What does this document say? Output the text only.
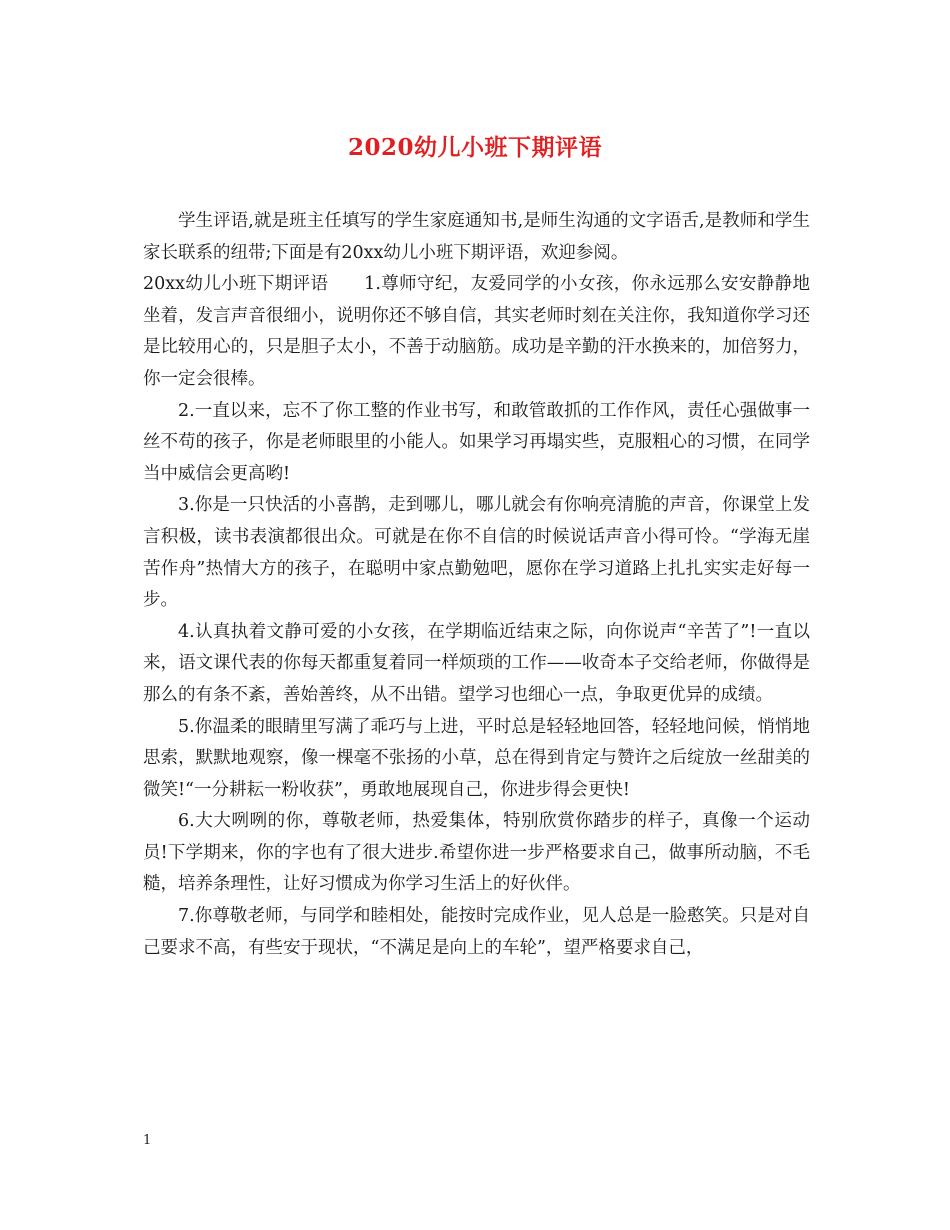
2020幼儿小班下期评语

学生评语,就是班主任填写的学生家庭通知书,是师生沟通的文字语舌,是教师和学生家长联系的纽带;下面是有20xx幼儿小班下期评语，欢迎参阅。

20xx幼儿小班下期评语　　1.尊师守纪，友爱同学的小女孩，你永远那么安安静静地坐着，发言声音很细小，说明你还不够自信，其实老师时刻在关注你，我知道你学习还是比较用心的，只是胆子太小，不善于动脑筋。成功是辛勤的汗水换来的，加倍努力，你一定会很棒。

2.一直以来，忘不了你工整的作业书写，和敢管敢抓的工作作风，责任心强做事一丝不苟的孩子，你是老师眼里的小能人。如果学习再塌实些，克服粗心的习惯，在同学当中威信会更高哟!

3.你是一只快活的小喜鹊，走到哪儿，哪儿就会有你响亮清脆的声音，你课堂上发言积极，读书表演都很出众。可就是在你不自信的时候说话声音小得可怜。“学海无崖苦作舟”热情大方的孩子，在聪明中家点勤勉吧，愿你在学习道路上扎扎实实走好每一步。

4.认真执着文静可爱的小女孩，在学期临近结束之际，向你说声“辛苦了”!一直以来，语文课代表的你每天都重复着同一样烦琐的工作——收奇本子交给老师，你做得是那么的有条不紊，善始善终，从不出错。望学习也细心一点，争取更优异的成绩。

5.你温柔的眼睛里写满了乖巧与上进，平时总是轻轻地回答，轻轻地问候，悄悄地思索，默默地观察，像一棵毫不张扬的小草，总在得到肯定与赞许之后绽放一丝甜美的微笑!“一分耕耘一粉收获”，勇敢地展现自己，你进步得会更快!

6.大大咧咧的你，尊敬老师，热爱集体，特别欣赏你踏步的样子，真像一个运动员!下学期来，你的字也有了很大进步.希望你进一步严格要求自己，做事所动脑，不毛糙，培养条理性，让好习惯成为你学习生活上的好伙伴。

7.你尊敬老师，与同学和睦相处，能按时完成作业，见人总是一脸憨笑。只是对自己要求不高，有些安于现状，“不满足是向上的车轮”，望严格要求自己，

1
